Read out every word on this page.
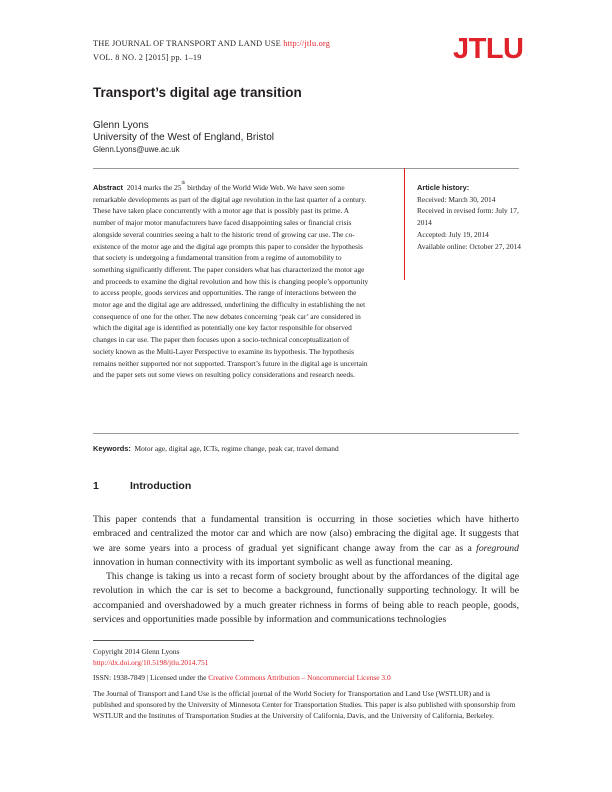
THE JOURNAL OF TRANSPORT AND LAND USE http://jtlu.org
VOL. 8 NO. 2 [2015] pp. 1–19	JTLU
Transport’s digital age transition
Glenn Lyons
University of the West of England, Bristol
Glenn.Lyons@uwe.ac.uk
Abstract 2014 marks the 25th birthday of the World Wide Web. We have seen some remarkable developments as part of the digital age revolution in the last quarter of a century. These have taken place concurrently with a motor age that is possibly past its prime. A number of major motor manufacturers have faced disappointing sales or financial crisis alongside several countries seeing a halt to the historic trend of growing car use. The co-existence of the motor age and the digital age prompts this paper to consider the hypothesis that society is undergoing a fundamental transition from a regime of automobility to something significantly different. The paper considers what has characterized the motor age and proceeds to examine the digital revolution and how this is changing people’s opportunity to access people, goods services and opportunities. The range of interactions between the motor age and the digital age are addressed, underlining the difficulty in establishing the net consequence of one for the other. The new debates concerning ‘peak car’ are considered in which the digital age is identified as potentially one key factor responsible for observed changes in car use. The paper then focuses upon a socio-technical conceptualization of society known as the Multi-Layer Perspective to examine its hypothesis. The hypothesis remains neither supported nor not supported. Transport’s future in the digital age is uncertain and the paper sets out some views on resulting policy considerations and research needs.
Article history:
Received: March 30, 2014
Received in revised form: July 17, 2014
Accepted: July 19, 2014
Available online: October 27, 2014
Keywords: Motor age, digital age, ICTs, regime change, peak car, travel demand
1	Introduction

This paper contends that a fundamental transition is occurring in those societies which have hitherto embraced and centralized the motor car and which are now (also) embracing the digital age. It suggests that we are some years into a process of gradual yet significant change away from the car as a foreground innovation in human connectivity with its important symbolic as well as functional meaning.

This change is taking us into a recast form of society brought about by the affordances of the digital age revolution in which the car is set to become a background, functionally supporting technology. It will be accompanied and overshadowed by a much greater richness in forms of being able to reach people, goods, services and opportunities made possible by information and communications technologies

Copyright 2014 Glenn Lyons
http://dx.doi.org/10.5198/jtlu.2014.751
ISSN: 1938-7849 | Licensed under the Creative Commons Attribution – Noncommercial License 3.0
The Journal of Transport and Land Use is the official journal of the World Society for Transportation and Land Use (WSTLUR) and is published and sponsored by the University of Minnesota Center for Transportation Studies. This paper is also published with sponsorship from WSTLUR and the Institutes of Transportation Studies at the University of California, Davis, and the University of California, Berkeley.
